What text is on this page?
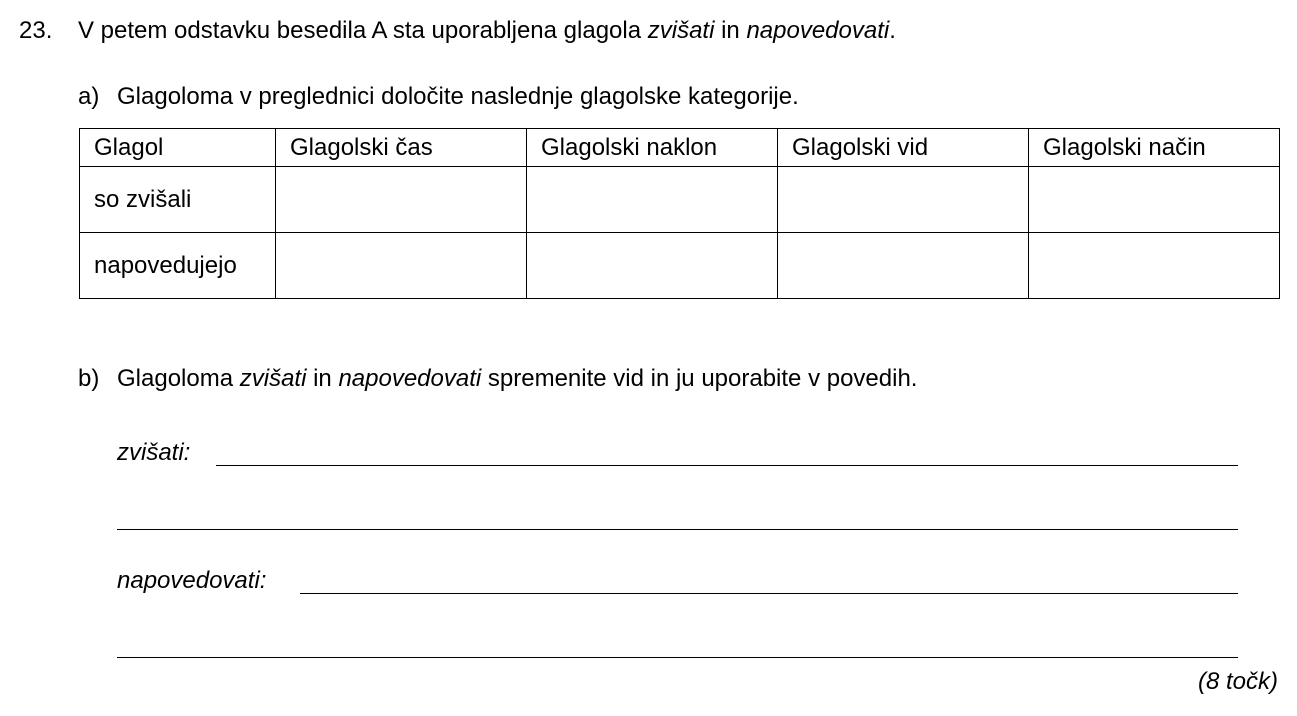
23. V petem odstavku besedila A sta uporabljena glagola zvišati in napovedovati.
a) Glagoloma v preglednici določite naslednje glagolske kategorije.
Glagol	Glagolski čas	Glagolski naklon	Glagolski vid	Glagolski način
so zvišali				
napovedujejo				
b) Glagoloma zvišati in napovedovati spremenite vid in ju uporabite v povedih.
zvišati:
napovedovati:
(8 točk)
